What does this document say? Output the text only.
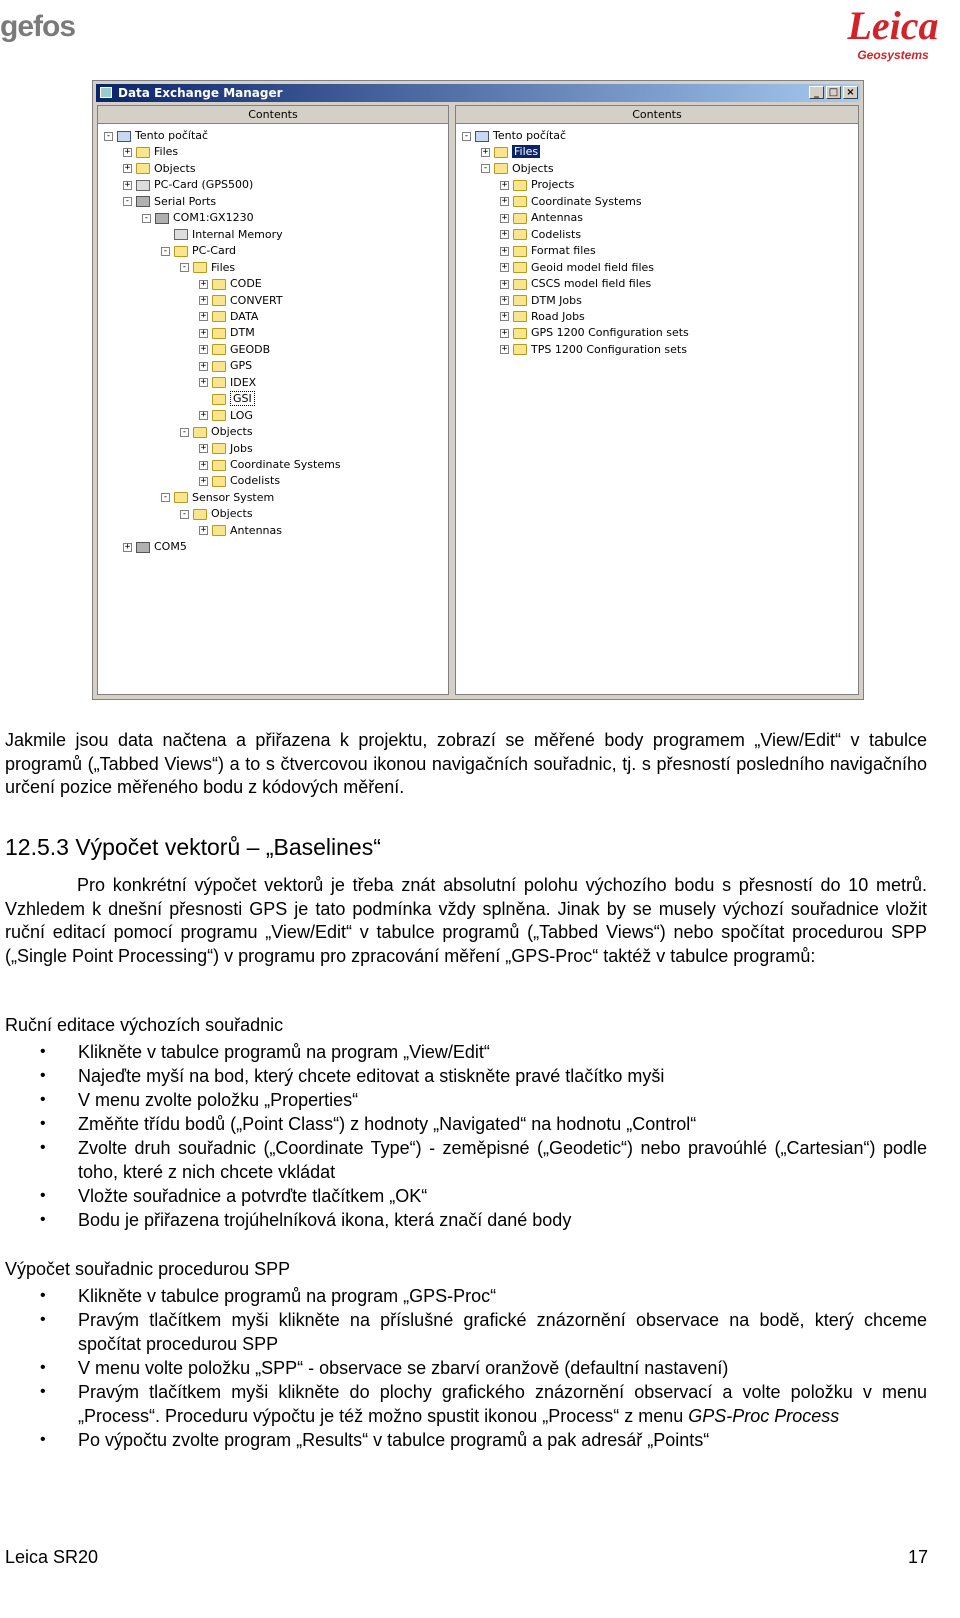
gefos	Leica
Geosystems
Data Exchange Manager	_ □ ×
Contents
- Tento počítač
+ Files
+ Objects
+ PC-Card (GPS500)
- Serial Ports
- COM1:GX1230
Internal Memory
- PC-Card
- Files
+ CODE
+ CONVERT
+ DATA
+ DTM
+ GEODB
+ GPS
+ IDEX
GSI
+ LOG
- Objects
+ Jobs
+ Coordinate Systems
+ Codelists
- Sensor System
- Objects
+ Antennas
+ COM5
Contents
- Tento počítač
+ Files
- Objects
+ Projects
+ Coordinate Systems
+ Antennas
+ Codelists
+ Format files
+ Geoid model field files
+ CSCS model field files
+ DTM Jobs
+ Road Jobs
+ GPS 1200 Configuration sets
+ TPS 1200 Configuration sets
Jakmile jsou data načtena a přiřazena k projektu, zobrazí se měřené body programem „View/Edit“ v tabulce programů („Tabbed Views“) a to s čtvercovou ikonou navigačních souřadnic, tj. s přesností posledního navigačního určení pozice měřeného bodu z kódových měření.
12.5.3 Výpočet vektorů – „Baselines“
Pro konkrétní výpočet vektorů je třeba znát absolutní polohu výchozího bodu s přesností do 10 metrů. Vzhledem k dnešní přesnosti GPS je tato podmínka vždy splněna. Jinak by se musely výchozí souřadnice vložit ruční editací pomocí programu „View/Edit“ v tabulce programů („Tabbed Views“) nebo spočítat procedurou SPP („Single Point Processing“) v programu pro zpracování měření „GPS-Proc“ taktéž v tabulce programů:
Ruční editace výchozích souřadnic
• Klikněte v tabulce programů na program „View/Edit“
• Najeďte myší na bod, který chcete editovat a stiskněte pravé tlačítko myši
• V menu zvolte položku „Properties“
• Změňte třídu bodů („Point Class“) z hodnoty „Navigated“ na hodnotu „Control“
• Zvolte druh souřadnic („Coordinate Type“) - zeměpisné („Geodetic“) nebo pravoúhlé („Cartesian“) podle toho, které z nich chcete vkládat
• Vložte souřadnice a potvrďte tlačítkem „OK“
• Bodu je přiřazena trojúhelníková ikona, která značí dané body
Výpočet souřadnic procedurou SPP
• Klikněte v tabulce programů na program „GPS-Proc“
• Pravým tlačítkem myši klikněte na příslušné grafické znázornění observace na bodě, který chceme spočítat procedurou SPP
• V menu volte položku „SPP“ - observace se zbarví oranžově (defaultní nastavení)
• Pravým tlačítkem myši klikněte do plochy grafického znázornění observací a volte položku v menu „Process“. Proceduru výpočtu je též možno spustit ikonou „Process“ z menu GPS-Proc Process
• Po výpočtu zvolte program „Results“ v tabulce programů a pak adresář „Points“
Leica SR20	17
